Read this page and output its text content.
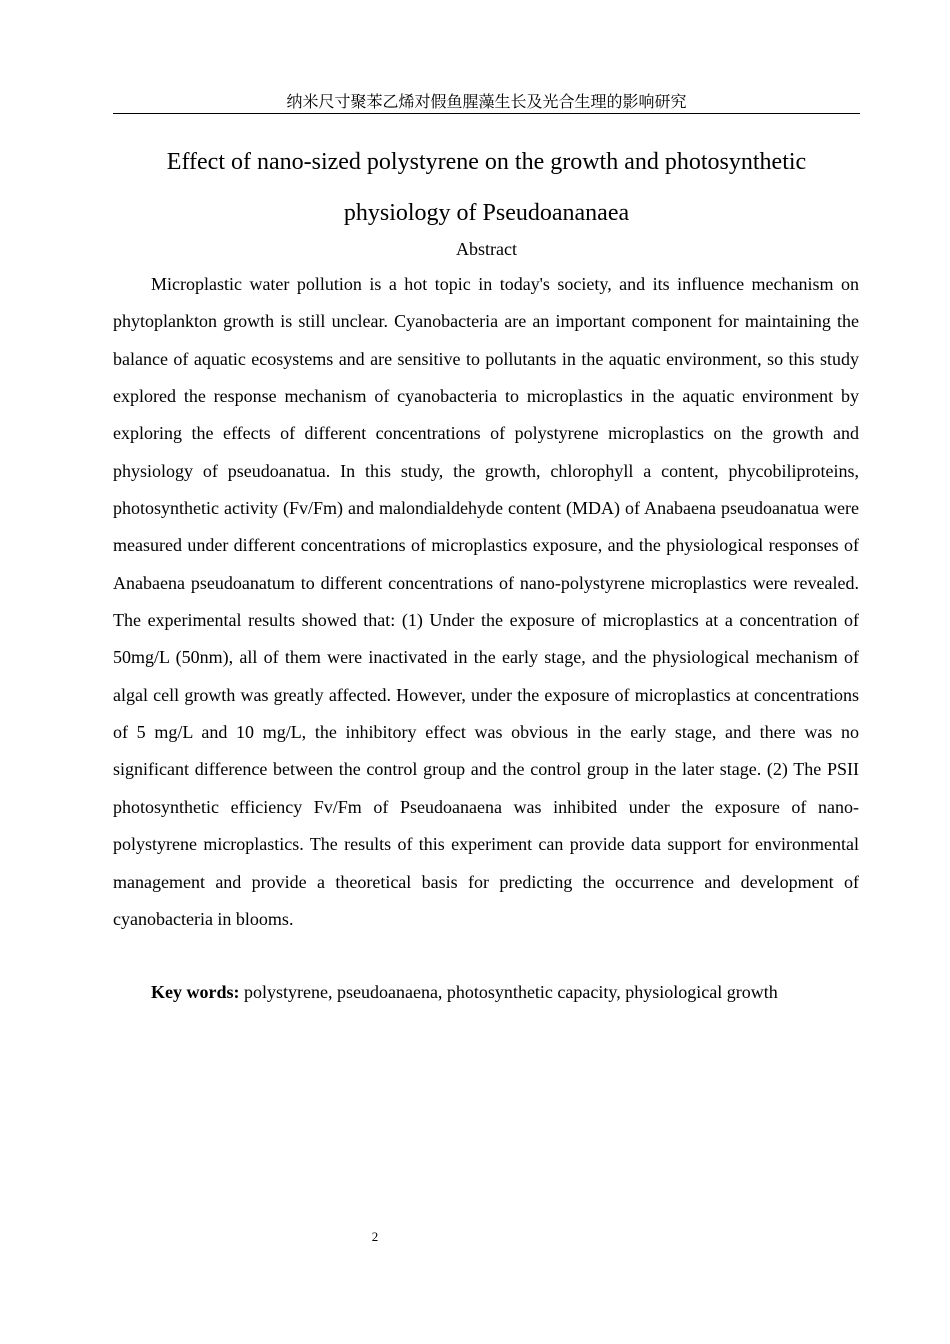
纳米尺寸聚苯乙烯对假鱼腥藻生长及光合生理的影响研究
Effect of nano-sized polystyrene on the growth and photosynthetic physiology of Pseudoananaea
Abstract

Microplastic water pollution is a hot topic in today's society, and its influence mechanism on phytoplankton growth is still unclear. Cyanobacteria are an important component for maintaining the balance of aquatic ecosystems and are sensitive to pollutants in the aquatic environment, so this study explored the response mechanism of cyanobacteria to microplastics in the aquatic environment by exploring the effects of different concentrations of polystyrene microplastics on the growth and physiology of pseudoanatua. In this study, the growth, chlorophyll a content, phycobiliproteins, photosynthetic activity (Fv/Fm) and malondialdehyde content (MDA) of Anabaena pseudoanatua were measured under different concentrations of microplastics exposure, and the physiological responses of Anabaena pseudoanatum to different concentrations of nano-polystyrene microplastics were revealed. The experimental results showed that: (1) Under the exposure of microplastics at a concentration of 50mg/L (50nm), all of them were inactivated in the early stage, and the physiological mechanism of algal cell growth was greatly affected. However, under the exposure of microplastics at concentrations of 5 mg/L and 10 mg/L, the inhibitory effect was obvious in the early stage, and there was no significant difference between the control group and the control group in the later stage. (2) The PSII photosynthetic efficiency Fv/Fm of Pseudoanaena was inhibited under the exposure of nano-polystyrene microplastics. The results of this experiment can provide data support for environmental management and provide a theoretical basis for predicting the occurrence and development of cyanobacteria in blooms.

Key words: polystyrene, pseudoanaena, photosynthetic capacity, physiological growth

2
